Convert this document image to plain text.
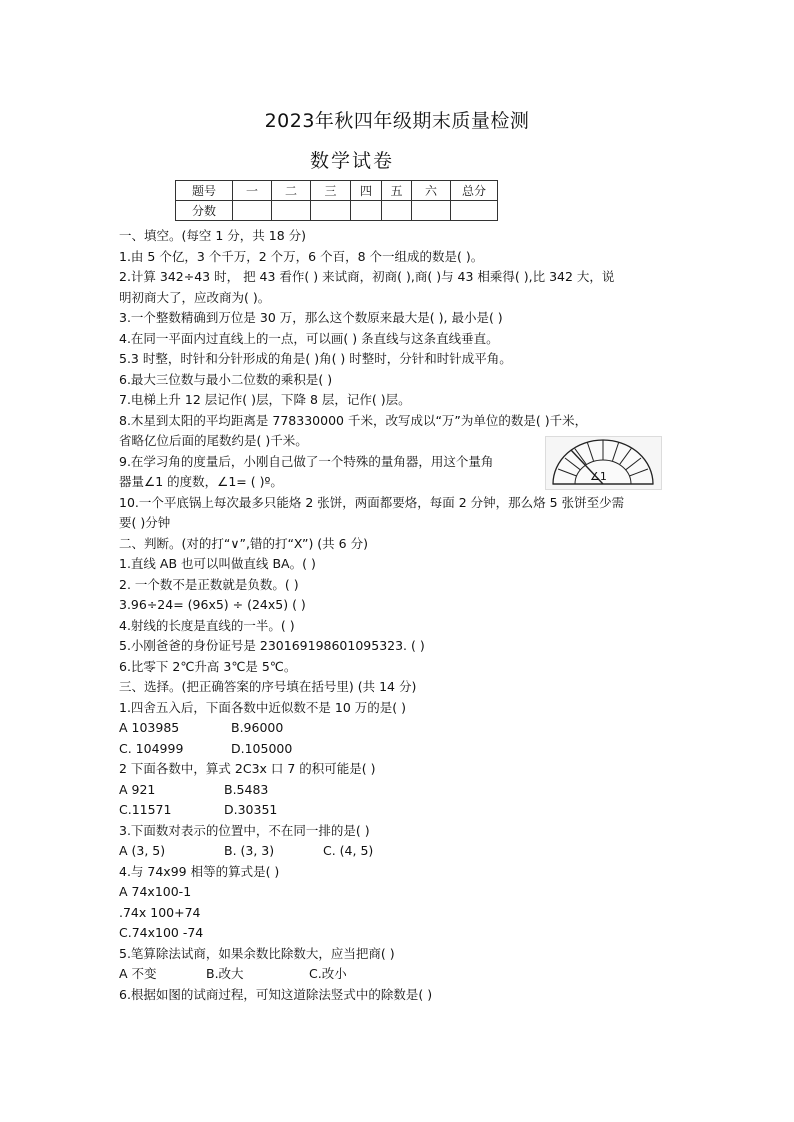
2023年秋四年级期末质量检测
数学试卷
题号	一	二	三	四	五	六	总分
分数							
一、填空。(每空 1 分，共 18 分)
1.由 5 个亿，3 个千万，2 个万，6 个百，8 个一组成的数是( )。
2.计算 342÷43 时， 把 43 看作( ) 来试商，初商( ),商( )与 43 相乘得( ),比 342 大，说
明初商大了，应改商为( )。
3.一个整数精确到万位是 30 万，那么这个数原来最大是( ), 最小是( )
4.在同一平面内过直线上的一点，可以画( ) 条直线与这条直线垂直。
5.3 时整，时针和分针形成的角是( )角( ) 时整时，分针和时针成平角。
6.最大三位数与最小二位数的乘积是( )
7.电梯上升 12 层记作( )层，下降 8 层，记作( )层。
8.木星到太阳的平均距离是 778330000 千米，改写成以“万”为单位的数是( )千米，
省略亿位后面的尾数约是( )千米。
9.在学习角的度量后，小刚自己做了一个特殊的量角器，用这个量角
器量∠1 的度数，∠1= ( )º。
10.一个平底锅上每次最多只能烙 2 张饼，两面都要烙，每面 2 分钟，那么烙 5 张饼至少需
要( )分钟
二、判断。(对的打“∨”,错的打“X”) (共 6 分)
1.直线 AB 也可以叫做直线 BA。( )
2. 一个数不是正数就是负数。( )
3.96÷24= (96x5) ÷ (24x5) ( )
4.射线的长度是直线的一半。( )
5.小刚爸爸的身份证号是 230169198601095323. ( )
6.比零下 2℃升高 3℃是 5℃。
三、选择。(把正确答案的序号填在括号里) (共 14 分)
1.四舍五入后，下面各数中近似数不是 10 万的是( )
A 103985	B.96000
C. 104999	D.105000
2 下面各数中，算式 2C3x 口 7 的积可能是( )
A 921	B.5483
C.11571	D.30351
3.下面数对表示的位置中，不在同一排的是( )
A (3, 5)	B. (3, 3)	C. (4, 5)
4.与 74x99 相等的算式是( )
A 74x100-1
.74x 100+74
C.74x100 -74
5.笔算除法试商，如果余数比除数大，应当把商( )
A 不变	B.改大	C.改小
6.根据如图的试商过程，可知这道除法竖式中的除数是( )
∠1
